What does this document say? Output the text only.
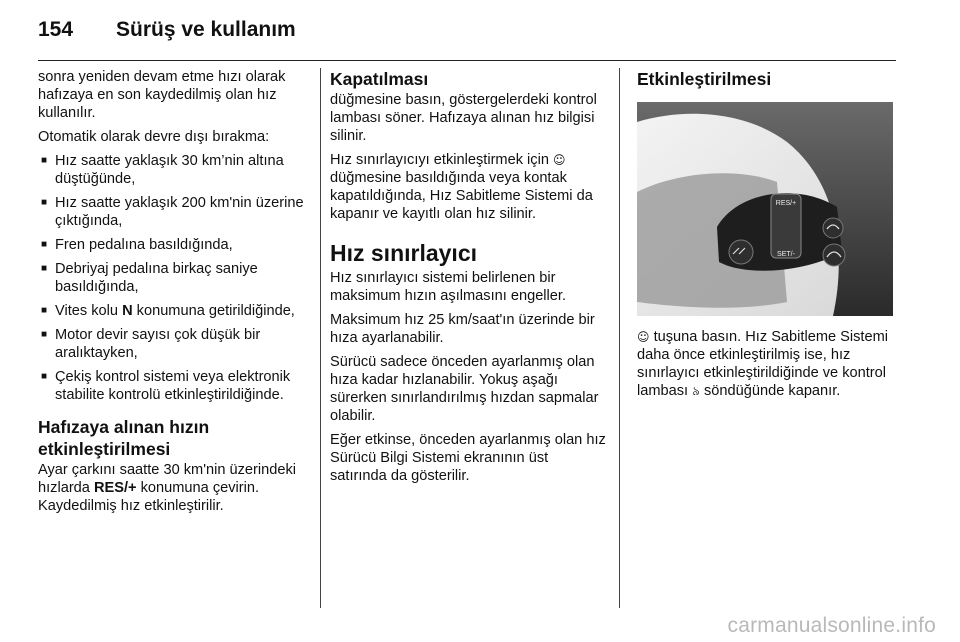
154	Sürüş ve kullanım

sonra yeniden devam etme hızı olarak hafızaya en son kaydedilmiş olan hız kullanılır.

Otomatik olarak devre dışı bırakma:

■ Hız saatte yaklaşık 30 km’nin altına düştüğünde,
■ Hız saatte yaklaşık 200 km'nin üzerine çıktığında,
■ Fren pedalına basıldığında,
■ Debriyaj pedalına birkaç saniye basıldığında,
■ Vites kolu N konumuna getirildiğinde,
■ Motor devir sayısı çok düşük bir aralıktayken,
■ Çekiş kontrol sistemi veya elektronik stabilite kontrolü etkinleştirildiğinde.
Hafızaya alınan hızın etkinleştirilmesi

Ayar çarkını saatte 30 km'nin üzerindeki hızlarda RES/+ konumuna çevirin. Kaydedilmiş hız etkinleştirilir.

Kapatılması

düğmesine basın, göstergelerdeki kontrol lambası söner. Hafızaya alınan hız bilgisi silinir.

Hız sınırlayıcıyı etkinleştirmek için ☺ düğmesine basıldığında veya kontak kapatıldığında, Hız Sabitleme Sistemi da kapanır ve kayıtlı olan hız silinir.

Hız sınırlayıcı

Hız sınırlayıcı sistemi belirlenen bir maksimum hızın aşılmasını engeller.

Maksimum hız 25 km/saat'ın üzerinde bir hıza ayarlanabilir.

Sürücü sadece önceden ayarlanmış olan hıza kadar hızlanabilir. Yokuş aşağı sürerken sınırlandırılmış hızdan sapmalar olabilir.

Eğer etkinse, önceden ayarlanmış olan hız Sürücü Bilgi Sistemi ekranının üst satırında da gösterilir.

Etkinleştirilmesi
RES/+
SET/-

☺ tuşuna basın. Hız Sabitleme Sistemi daha önce etkinleştirilmiş ise, hız sınırlayıcı etkinleştirildiğinde ve kontrol lambası ৯ söndüğünde kapanır.

carmanualsonline.info
